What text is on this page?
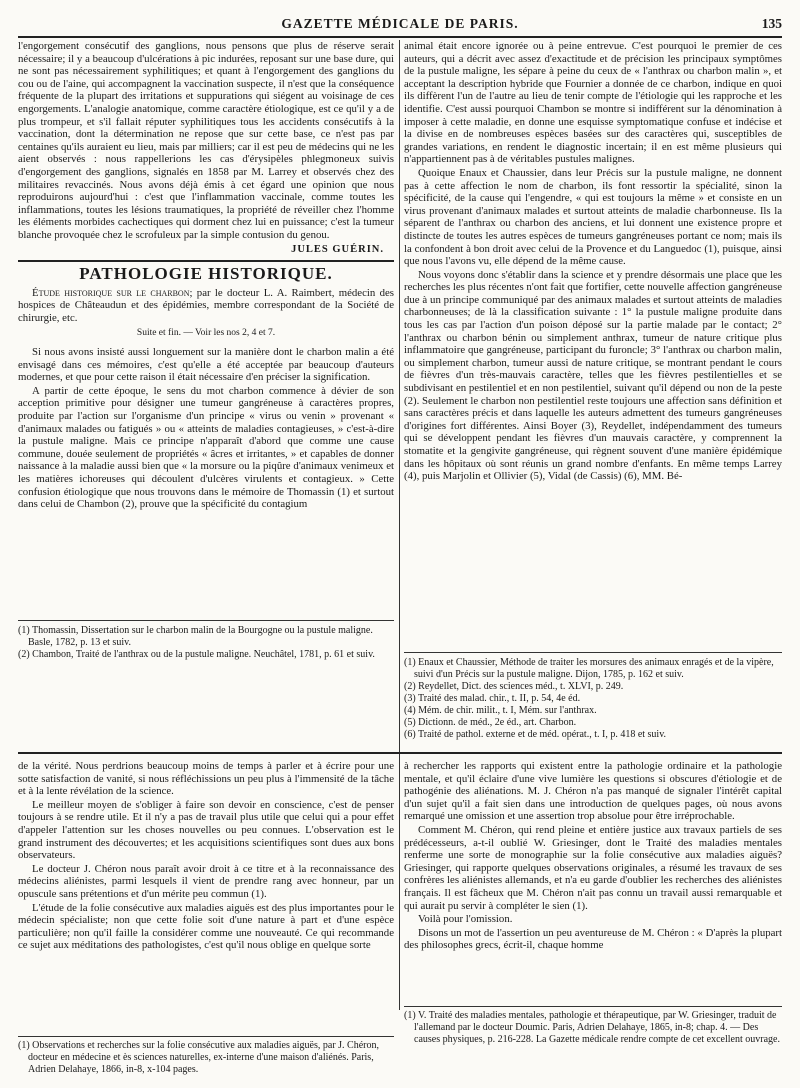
GAZETTE MÉDICALE DE PARIS.	135

l'engorgement consécutif des ganglions, nous pensons que plus de réserve serait nécessaire; il y a beaucoup d'ulcérations à pic indurées, reposant sur une base dure, qui ne sont pas nécessairement syphilitiques; et quant à l'engorgement des ganglions du cou ou de l'aine, qui accompagnent la vaccination suspecte, il n'est que la conséquence fréquente de la plupart des irritations et suppurations qui siégent au voisinage de ces engorgements. L'analogie anatomique, comme caractère étiologique, est ce qu'il y a de plus trompeur, et s'il fallait réputer syphilitiques tous les accidents consécutifs à la vaccination, dont la détermination ne repose que sur cette base, ce n'est pas par centaines qu'ils auraient eu lieu, mais par milliers; car il est peu de médecins qui ne les aient observés : nous rappellerions les cas d'érysipèles phlegmoneux suivis d'engorgement des ganglions, signalés en 1858 par M. Larrey et observés chez des militaires revaccinés. Nous avons déjà émis à cet égard une opinion que nous reproduirons aujourd'hui : c'est que l'inflammation vaccinale, comme toutes les inflammations, toutes les lésions traumatiques, la propriété de réveiller chez l'homme les éléments morbides cachectiques qui dorment chez lui en puissance; c'est la tumeur blanche provoquée chez le scrofuleux par la simple contusion du genou.

JULES GUÉRIN.
PATHOLOGIE HISTORIQUE.

Étude historique sur le charbon; par le docteur L. A. Raimbert, médecin des hospices de Châteaudun et des épidémies, membre correspondant de la Société de chirurgie, etc.

Suite et fin. — Voir les nos 2, 4 et 7.

Si nous avons insisté aussi longuement sur la manière dont le charbon malin a été envisagé dans ces mémoires, c'est qu'elle a été acceptée par beaucoup d'auteurs modernes, et que pour cette raison il était nécessaire d'en préciser la signification.

A partir de cette époque, le sens du mot charbon commence à dévier de son acception primitive pour désigner une tumeur gangréneuse à caractères propres, produite par l'action sur l'organisme d'un principe « virus ou venin » provenant « d'animaux malades ou fatigués » ou « atteints de maladies contagieuses, » c'est-à-dire la pustule maligne. Mais ce principe n'apparaît d'abord que comme une cause commune, douée seulement de propriétés « âcres et irritantes, » et capables de donner naissance à la maladie aussi bien que « la morsure ou la piqûre d'animaux venimeux et les matières ichoreuses qui découlent d'ulcères virulents et contagieux. » Cette confusion étiologique que nous trouvons dans le mémoire de Thomassin (1) et surtout dans celui de Chambon (2), prouve que la spécificité du contagium

(1) Thomassin, Dissertation sur le charbon malin de la Bourgogne ou la pustule maligne. Basle, 1782, p. 13 et suiv.

(2) Chambon, Traité de l'anthrax ou de la pustule maligne. Neuchâtel, 1781, p. 61 et suiv.

animal était encore ignorée ou à peine entrevue. C'est pourquoi le premier de ces auteurs, qui a décrit avec assez d'exactitude et de précision les principaux symptômes de la pustule maligne, les sépare à peine du ceux de « l'anthrax ou charbon malin », et acceptant la description hybride que Fournier a donnée de ce charbon, indique en quoi ils diffèrent l'un de l'autre au lieu de tenir compte de l'étiologie qui les rapproche et les identifie. C'est aussi pourquoi Chambon se montre si indifférent sur la dénomination à imposer à cette maladie, en donne une esquisse symptomatique confuse et indécise et la divise en de nombreuses espèces basées sur des caractères qui, susceptibles de grandes variations, en rendent le diagnostic incertain; il en est même plusieurs qui n'appartiennent pas à de véritables pustules malignes.

Quoique Enaux et Chaussier, dans leur Précis sur la pustule maligne, ne donnent pas à cette affection le nom de charbon, ils font ressortir la spécialité, sinon la spécificité, de la cause qui l'engendre, « qui est toujours la même » et consiste en un virus provenant d'animaux malades et surtout atteints de maladie charbonneuse. Ils la séparent de l'anthrax ou charbon des anciens, et lui donnent une existence propre et distincte de toutes les autres espèces de tumeurs gangréneuses portant ce nom; mais ils la confondent à bon droit avec celui de la Provence et du Languedoc (1), puisque, ainsi que nous l'avons vu, elle dépend de la même cause.

Nous voyons donc s'établir dans la science et y prendre désormais une place que les recherches les plus récentes n'ont fait que fortifier, cette nouvelle affection gangréneuse due à un principe communiqué par des animaux malades et surtout atteints de maladies charbonneuses; de là la classification suivante : 1° la pustule maligne produite dans tous les cas par l'action d'un poison déposé sur la partie malade par le contact; 2° l'anthrax ou charbon bénin ou simplement anthrax, tumeur de nature critique plus inflammatoire que gangréneuse, participant du furoncle; 3° l'anthrax ou charbon malin, ou simplement charbon, tumeur aussi de nature critique, se montrant pendant le cours de fièvres d'un très-mauvais caractère, telles que les fièvres pestilentielles et se subdivisant en pestilentiel et en non pestilentiel, suivant qu'il dépend ou non de la peste (2). Seulement le charbon non pestilentiel reste toujours une affection sans définition et sans caractères précis et dans laquelle les auteurs admettent des tumeurs gangréneuses d'origines fort différentes. Ainsi Boyer (3), Reydellet, indépendamment des tumeurs qui se développent pendant les fièvres d'un mauvais caractère, y comprennent la stomatite et la gengivite gangréneuse, qui règnent souvent d'une manière épidémique dans les hôpitaux où sont réunis un grand nombre d'enfants. En même temps Larrey (4), puis Marjolin et Ollivier (5), Vidal (de Cassis) (6), MM. Bé-

(1) Enaux et Chaussier, Méthode de traiter les morsures des animaux enragés et de la vipère, suivi d'un Précis sur la pustule maligne. Dijon, 1785, p. 162 et suiv.

(2) Reydellet, Dict. des sciences méd., t. XLVI, p. 249.

(3) Traité des malad. chir., t. II, p. 54, 4e éd.

(4) Mém. de chir. milit., t. I, Mém. sur l'anthrax.

(5) Dictionn. de méd., 2e éd., art. Charbon.

(6) Traité de pathol. externe et de méd. opérat., t. I, p. 418 et suiv.

de la vérité. Nous perdrions beaucoup moins de temps à parler et à écrire pour une sotte satisfaction de vanité, si nous réfléchissions un peu plus à l'immensité de la tâche et à la lente révélation de la science.

Le meilleur moyen de s'obliger à faire son devoir en conscience, c'est de penser toujours à se rendre utile. Et il n'y a pas de travail plus utile que celui qui a pour effet d'appeler l'attention sur les choses nouvelles ou peu connues. L'observation est le grand instrument des découvertes; et les acquisitions scientifiques sont dues aux bons observateurs.

Le docteur J. Chéron nous paraît avoir droit à ce titre et à la reconnaissance des médecins aliénistes, parmi lesquels il vient de prendre rang avec honneur, par un opuscule sans prétentions et d'un mérite peu commun (1).

L'étude de la folie consécutive aux maladies aiguës est des plus importantes pour le médecin spécialiste; non que cette folie soit d'une nature à part et d'une espèce particulière; non qu'il faille la considérer comme une nouveauté. Ce qui recommande ce sujet aux méditations des pathologistes, c'est qu'il nous oblige en quelque sorte

(1) Observations et recherches sur la folie consécutive aux maladies aiguës, par J. Chéron, docteur en médecine et ès sciences naturelles, ex-interne d'une maison d'aliénés. Paris, Adrien Delahaye, 1866, in-8, x-104 pages.

à rechercher les rapports qui existent entre la pathologie ordinaire et la pathologie mentale, et qu'il éclaire d'une vive lumière les questions si obscures d'étiologie et de pathogénie des aliénations. M. J. Chéron n'a pas manqué de signaler l'intérêt capital d'un sujet qu'il a fait sien dans une introduction de quelques pages, où nous avons remarqué une omission et une assertion trop absolue pour être irréprochable.

Comment M. Chéron, qui rend pleine et entière justice aux travaux partiels de ses prédécesseurs, a-t-il oublié W. Griesinger, dont le Traité des maladies mentales renferme une sorte de monographie sur la folie consécutive aux maladies aiguës? Griesinger, qui rapporte quelques observations originales, a résumé les travaux de ses confrères les aliénistes allemands, et n'a eu garde d'oublier les recherches des aliénistes français. Il est fâcheux que M. Chéron n'ait pas connu un travail aussi remarquable et qui aurait pu servir à compléter le sien (1).

Voilà pour l'omission.

Disons un mot de l'assertion un peu aventureuse de M. Chéron : « D'après la plupart des philosophes grecs, écrit-il, chaque homme

(1) V. Traité des maladies mentales, pathologie et thérapeutique, par W. Griesinger, traduit de l'allemand par le docteur Doumic. Paris, Adrien Delahaye, 1865, in-8; chap. 4. — Des causes physiques, p. 216-228. La Gazette médicale rendre compte de cet excellent ouvrage.
